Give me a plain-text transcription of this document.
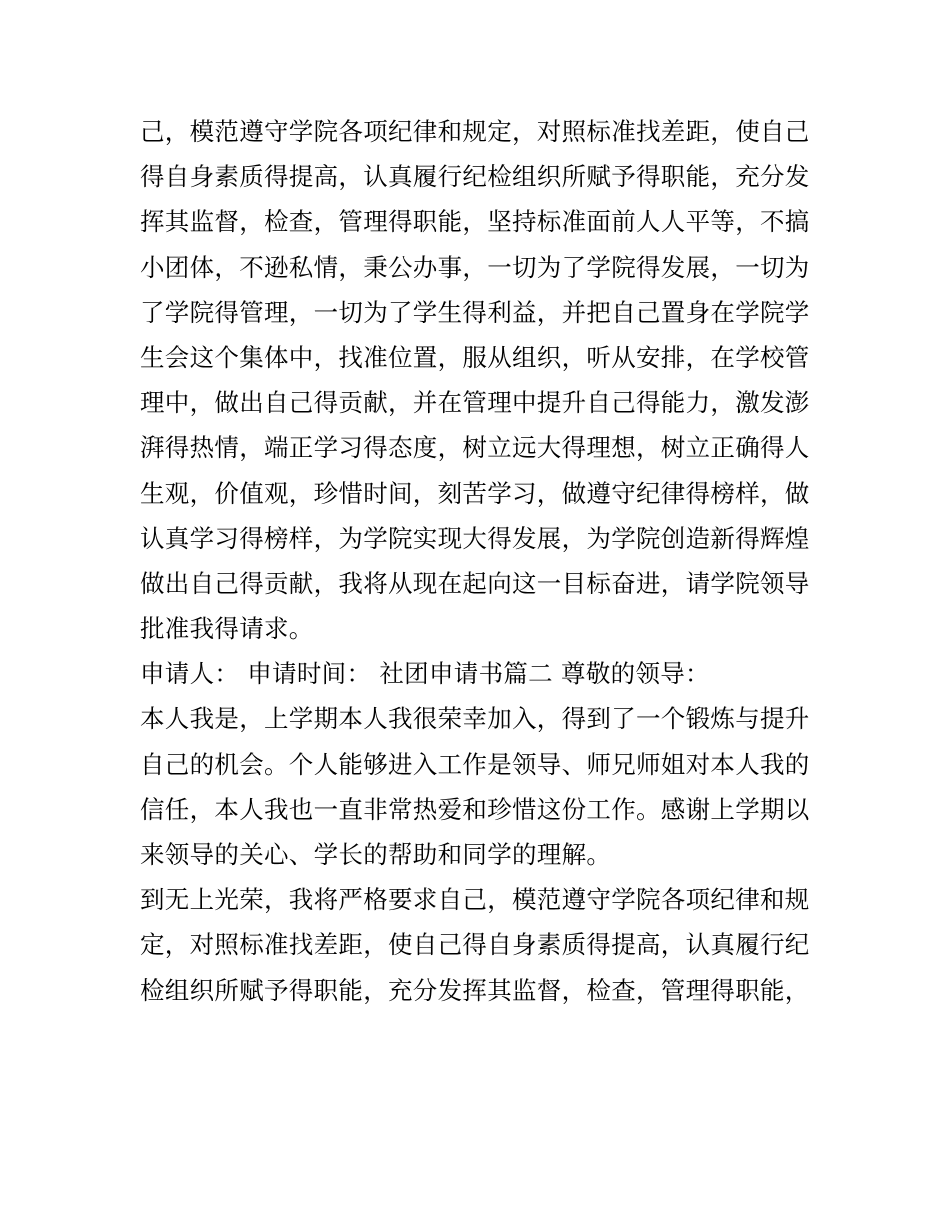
己，模范遵守学院各项纪律和规定，对照标准找差距，使自己
得自身素质得提高，认真履行纪检组织所赋予得职能，充分发
挥其监督，检查，管理得职能，坚持标准面前人人平等，不搞
小团体，不逊私情，秉公办事，一切为了学院得发展，一切为
了学院得管理，一切为了学生得利益，并把自己置身在学院学
生会这个集体中，找准位置，服从组织，听从安排，在学校管
理中，做出自己得贡献，并在管理中提升自己得能力，激发澎
湃得热情，端正学习得态度，树立远大得理想，树立正确得人
生观，价值观，珍惜时间，刻苦学习，做遵守纪律得榜样，做
认真学习得榜样，为学院实现大得发展，为学院创造新得辉煌
做出自己得贡献，我将从现在起向这一目标奋进，请学院领导
批准我得请求。
申请人： 申请时间： 社团申请书篇二 尊敬的领导：
本人我是，上学期本人我很荣幸加入，得到了一个锻炼与提升
自己的机会。个人能够进入工作是领导、师兄师姐对本人我的
信任，本人我也一直非常热爱和珍惜这份工作。感谢上学期以
来领导的关心、学长的帮助和同学的理解。
到无上光荣，我将严格要求自己，模范遵守学院各项纪律和规
定，对照标准找差距，使自己得自身素质得提高，认真履行纪
检组织所赋予得职能，充分发挥其监督，检查，管理得职能，
